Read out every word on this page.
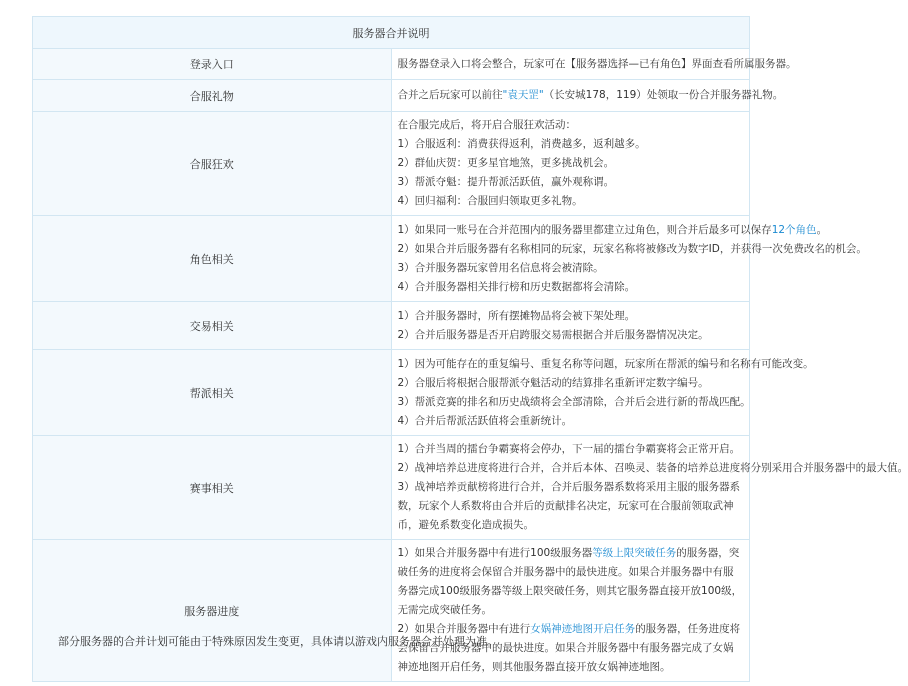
服务器合并说明	
登录入口	服务器登录入口将会整合，玩家可在【服务器选择—已有角色】界面查看所属服务器。

合服礼物	合并之后玩家可以前往"袁天罡"（长安城178，119）处领取一份合并服务器礼物。

合服狂欢	在合服完成后，将开启合服狂欢活动：
1）合服返利：消费获得返利，消费越多，返利越多。
2）群仙庆贺：更多星官地煞，更多挑战机会。
3）帮派夺魁：提升帮派活跃值，赢外观称谓。
4）回归福利：合服回归领取更多礼物。

角色相关	1）如果同一账号在合并范围内的服务器里都建立过角色，则合并后最多可以保存12个角色。
2）如果合并后服务器有名称相同的玩家，玩家名称将被修改为数字ID，并获得一次免费改名的机会。
3）合并服务器玩家曾用名信息将会被清除。
4）合并服务器相关排行榜和历史数据都将会清除。

交易相关	1）合并服务器时，所有摆摊物品将会被下架处理。
2）合并后服务器是否开启跨服交易需根据合并后服务器情况决定。

帮派相关	1）因为可能存在的重复编号、重复名称等问题，玩家所在帮派的编号和名称有可能改变。
2）合服后将根据合服帮派夺魁活动的结算排名重新评定数字编号。
3）帮派竞赛的排名和历史战绩将会全部清除，合并后会进行新的帮战匹配。
4）合并后帮派活跃值将会重新统计。

赛事相关	1）合并当周的擂台争霸赛将会停办，下一届的擂台争霸赛将会正常开启。
2）战神培养总进度将进行合并，合并后本体、召唤灵、装备的培养总进度将分别采用合并服务器中的最大值。
3）战神培养贡献榜将进行合并，合并后服务器系数将采用主服的服务器系数，玩家个人系数将由合并后的贡献排名决定，玩家可在合服前领取武神币，避免系数变化造成损失。

服务器进度	1）如果合并服务器中有进行100级服务器等级上限突破任务的服务器，突破任务的进度将会保留合并服务器中的最快进度。如果合并服务器中有服务器完成100级服务器等级上限突破任务，则其它服务器直接开放100级，无需完成突破任务。
2）如果合并服务器中有进行女娲神迹地图开启任务的服务器，任务进度将会保留合并服务器中的最快进度。如果合并服务器中有服务器完成了女娲神迹地图开启任务，则其他服务器直接开放女娲神迹地图。
部分服务器的合并计划可能由于特殊原因发生变更，具体请以游戏内服务器合并处理为准。
